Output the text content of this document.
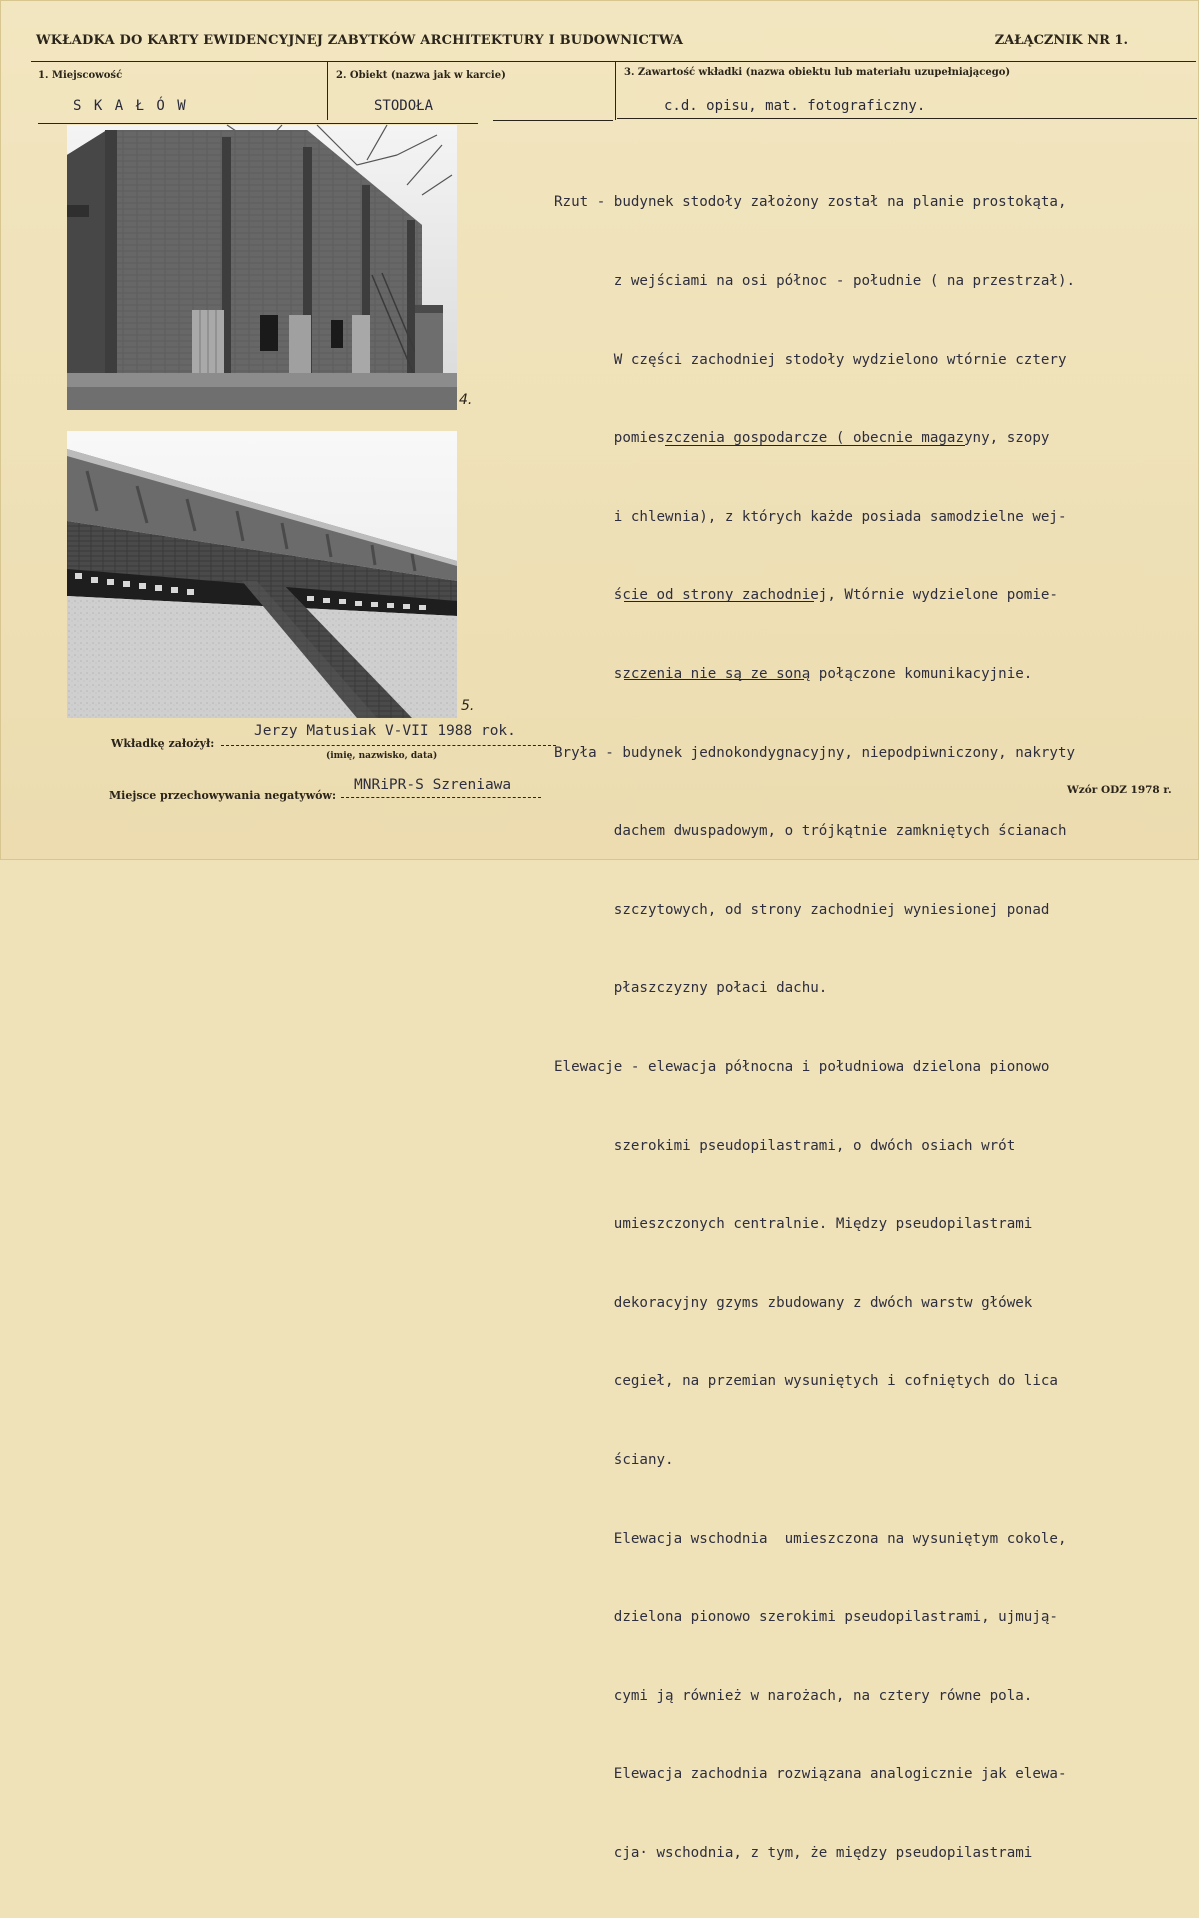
WKŁADKA DO KARTY EWIDENCYJNEJ ZABYTKÓW ARCHITEKTURY I BUDOWNICTWA	ZAŁĄCZNIK NR 1.
1. Miejscowość
S K A Ł Ó W
2. Obiekt (nazwa jak w karcie)
STODOŁA
3. Zawartość wkładki (nazwa obiektu lub materiału uzupełniającego)
c.d. opisu, mat. fotograficzny.
4.
5.

Rzut - budynek stodoły założony został na planie prostokąta,

z wejściami na osi północ - południe ( na przestrzał).

W części zachodniej stodoły wydzielono wtórnie cztery

pomieszczenia gospodarcze ( obecnie magazyny, szopy

i chlewnia), z których każde posiada samodzielne wej-

ście od strony zachodniej, Wtórnie wydzielone pomie-

szczenia nie są ze soną połączone komunikacyjnie.

Bryła - budynek jednokondygnacyjny, niepodpiwniczony, nakryty

dachem dwuspadowym, o trójkątnie zamkniętych ścianach

szczytowych, od strony zachodniej wyniesionej ponad

płaszczyzny połaci dachu.

Elewacje - elewacja północna i południowa dzielona pionowo

szerokimi pseudopilastrami, o dwóch osiach wrót

umieszczonych centralnie. Między pseudopilastrami

dekoracyjny gzyms zbudowany z dwóch warstw główek

cegieł, na przemian wysuniętych i cofniętych do lica

ściany.

Elewacja wschodnia  umieszczona na wysuniętym cokole,

dzielona pionowo szerokimi pseudopilastrami, ujmują-

cymi ją również w narożach, na cztery równe pola.

Elewacja zachodnia rozwiązana analogicznie jak elewa-

cja· wschodnia, z tym, że między pseudopilastrami

Wkładkę założył:
Jerzy Matusiak V-VII 1988 rok.
(imię, nazwisko, data)
Miejsce przechowywania negatywów:
MNRiPR-S Szreniawa	Wzór ODZ 1978 r.
